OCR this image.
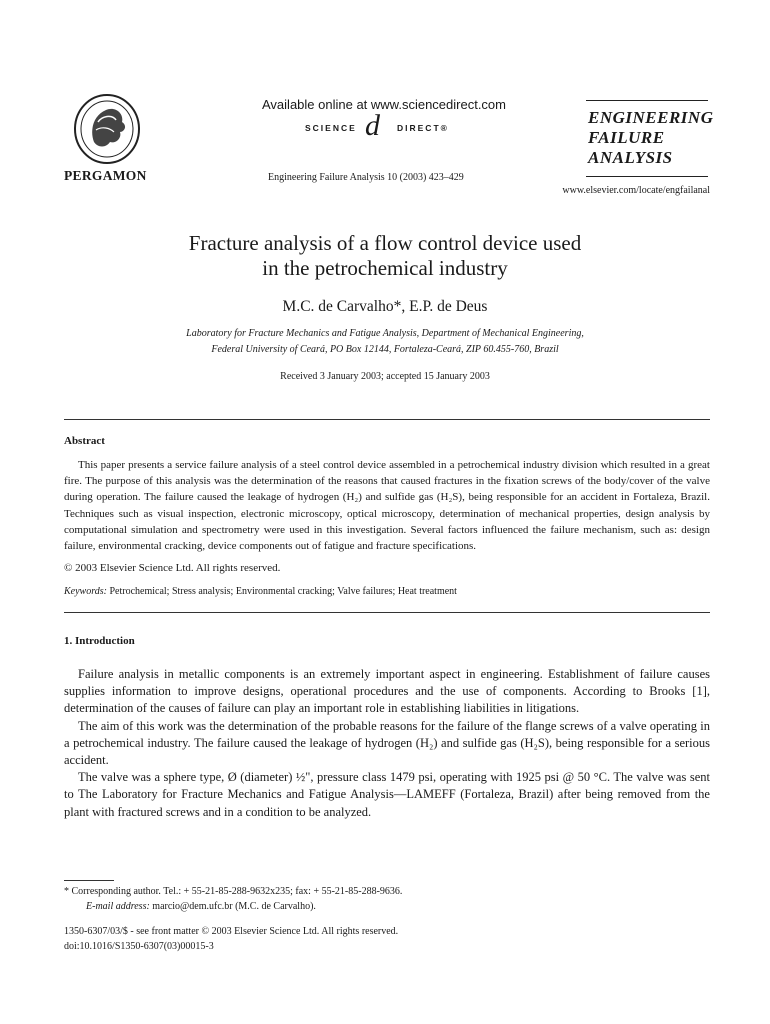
PERGAMON
Available online at www.sciencedirect.com
SCIENCE d DIRECT®
Engineering Failure Analysis 10 (2003) 423–429
ENGINEERING
FAILURE
ANALYSIS
www.elsevier.com/locate/engfailanal
Fracture analysis of a flow control device used
in the petrochemical industry
M.C. de Carvalho*, E.P. de Deus
Laboratory for Fracture Mechanics and Fatigue Analysis, Department of Mechanical Engineering,
Federal University of Ceará, PO Box 12144, Fortaleza-Ceará, ZIP 60.455-760, Brazil
Received 3 January 2003; accepted 15 January 2003
Abstract

This paper presents a service failure analysis of a steel control device assembled in a petrochemical industry division which resulted in a great fire. The purpose of this analysis was the determination of the reasons that caused fractures in the fixation screws of the body/cover of the valve during operation. The failure caused the leakage of hydrogen (H₂) and sulfide gas (H₂S), being responsible for an accident in Fortaleza, Brazil. Techniques such as visual inspection, electronic microscopy, optical microscopy, determination of mechanical properties, design analysis by computational simulation and spectrometry were used in this investigation. Several factors influenced the failure mechanism, such as: design failure, environmental cracking, device components out of fatigue and fracture specifications.

© 2003 Elsevier Science Ltd. All rights reserved.
Keywords: Petrochemical; Stress analysis; Environmental cracking; Valve failures; Heat treatment
1. Introduction

Failure analysis in metallic components is an extremely important aspect in engineering. Establishment of failure causes supplies information to improve designs, operational procedures and the use of components. According to Brooks [1], determination of the causes of failure can play an important role in establishing liabilities in litigations.

The aim of this work was the determination of the probable reasons for the failure of the flange screws of a valve operating in a petrochemical industry. The failure caused the leakage of hydrogen (H₂) and sulfide gas (H₂S), being responsible for a serious accident.

The valve was a sphere type, Ø (diameter) ½", pressure class 1479 psi, operating with 1925 psi @ 50 °C. The valve was sent to The Laboratory for Fracture Mechanics and Fatigue Analysis—LAMEFF (Fortaleza, Brazil) after being removed from the plant with fractured screws and in a condition to be analyzed.

* Corresponding author. Tel.: + 55-21-85-288-9632x235; fax: + 55-21-85-288-9636.
E-mail address: marcio@dem.ufc.br (M.C. de Carvalho).
1350-6307/03/$ - see front matter © 2003 Elsevier Science Ltd. All rights reserved.
doi:10.1016/S1350-6307(03)00015-3
